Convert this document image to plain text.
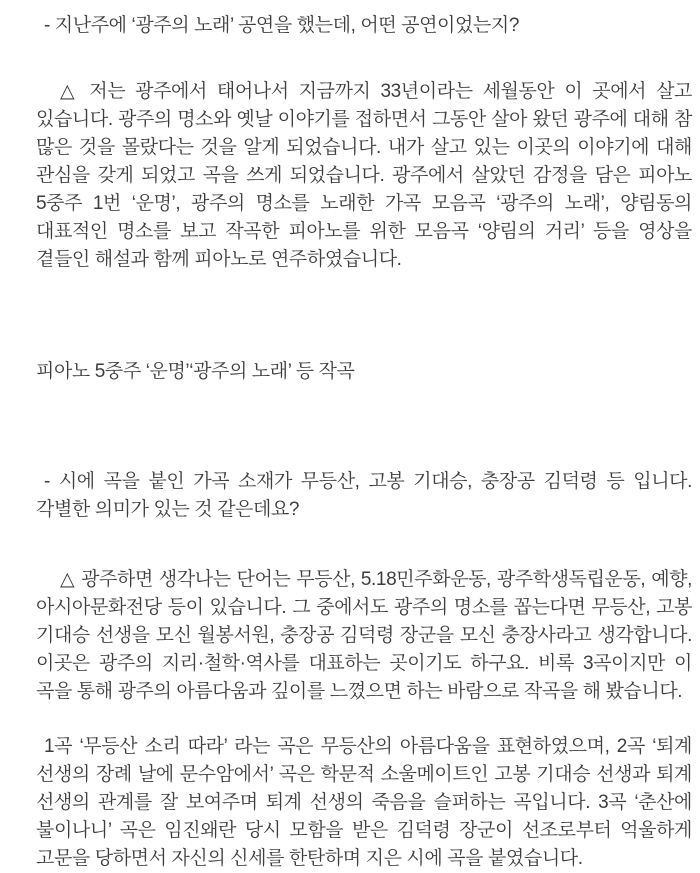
- 지난주에 ‘광주의 노래’ 공연을 했는데, 어떤 공연이었는지?

△ 저는 광주에서 태어나서 지금까지 33년이라는 세월동안 이 곳에서 살고 있습니다. 광주의 명소와 옛날 이야기를 접하면서 그동안 살아 왔던 광주에 대해 참 많은 것을 몰랐다는 것을 알게 되었습니다. 내가 살고 있는 이곳의 이야기에 대해 관심을 갖게 되었고 곡을 쓰게 되었습니다. 광주에서 살았던 감정을 담은 피아노 5중주 1번 ‘운명’, 광주의 명소를 노래한 가곡 모음곡 ‘광주의 노래’, 양림동의 대표적인 명소를 보고 작곡한 피아노를 위한 모음곡 ‘양림의 거리’ 등을 영상을 곁들인 해설과 함께 피아노로 연주하였습니다.

피아노 5중주 ‘운명’‘광주의 노래’ 등 작곡

- 시에 곡을 붙인 가곡 소재가 무등산, 고봉 기대승, 충장공 김덕령 등 입니다. 각별한 의미가 있는 것 같은데요?

△ 광주하면 생각나는 단어는 무등산, 5.18민주화운동, 광주학생독립운동, 예향, 아시아문화전당 등이 있습니다. 그 중에서도 광주의 명소를 꼽는다면 무등산, 고봉 기대승 선생을 모신 월봉서원, 충장공 김덕령 장군을 모신 충장사라고 생각합니다. 이곳은 광주의 지리·철학·역사를 대표하는 곳이기도 하구요. 비록 3곡이지만 이 곡을 통해 광주의 아름다움과 깊이를 느꼈으면 하는 바람으로 작곡을 해 봤습니다.

1곡 ‘무등산 소리 따라’ 라는 곡은 무등산의 아름다움을 표현하였으며, 2곡 ‘퇴계 선생의 장례 날에 문수암에서’ 곡은 학문적 소울메이트인 고봉 기대승 선생과 퇴계 선생의 관계를 잘 보여주며 퇴계 선생의 죽음을 슬퍼하는 곡입니다. 3곡 ‘춘산에 불이나니’ 곡은 임진왜란 당시 모함을 받은 김덕령 장군이 선조로부터 억울하게 고문을 당하면서 자신의 신세를 한탄하며 지은 시에 곡을 붙였습니다.
